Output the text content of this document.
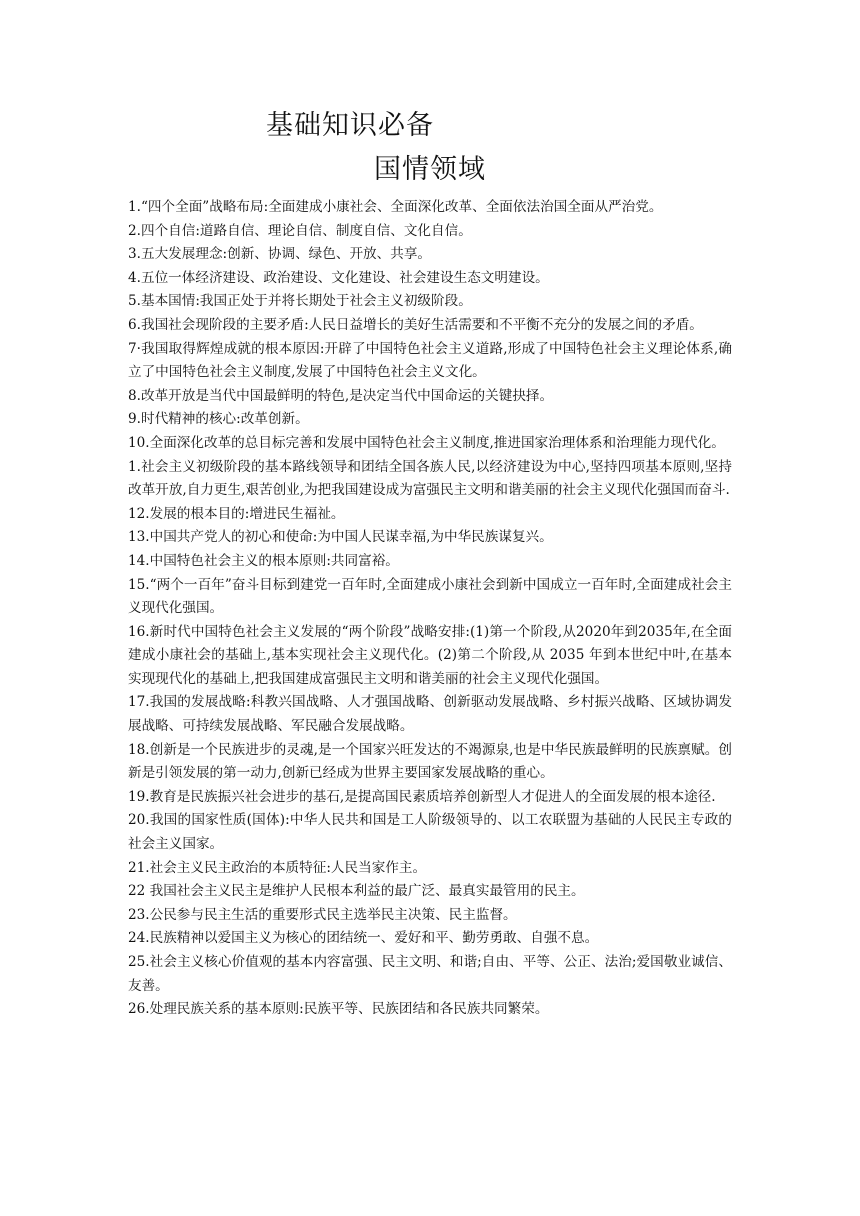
基础知识必备
国情领域

1.“四个全面”战略布局:全面建成小康社会、全面深化改革、全面依法治国全面从严治党。

2.四个自信:道路自信、理论自信、制度自信、文化自信。

3.五大发展理念:创新、协调、绿色、开放、共享。

4.五位一体经济建设、政治建设、文化建设、社会建设生态文明建设。

5.基本国情:我国正处于并将长期处于社会主义初级阶段。

6.我国社会现阶段的主要矛盾:人民日益增长的美好生活需要和不平衡不充分的发展之间的矛盾。

7·我国取得辉煌成就的根本原因:开辟了中国特色社会主义道路,形成了中国特色社会主义理论体系,确立了中国特色社会主义制度,发展了中国特色社会主义文化。

8.改革开放是当代中国最鲜明的特色,是决定当代中国命运的关键抉择。

9.时代精神的核心:改革创新。

10.全面深化改革的总目标完善和发展中国特色社会主义制度,推进国家治理体系和治理能力现代化。

1.社会主义初级阶段的基本路线领导和团结全国各族人民,以经济建设为中心,坚持四项基本原则,坚持改革开放,自力更生,艰苦创业,为把我国建设成为富强民主文明和谐美丽的社会主义现代化强国而奋斗.

12.发展的根本目的:增进民生福祉。

13.中国共产党人的初心和使命:为中国人民谋幸福,为中华民族谋复兴。

14.中国特色社会主义的根本原则:共同富裕。

15.“两个一百年”奋斗目标到建党一百年时,全面建成小康社会到新中国成立一百年时,全面建成社会主义现代化强国。

16.新时代中国特色社会主义发展的“两个阶段”战略安排:(1)第一个阶段,从2020年到2035年,在全面建成小康社会的基础上,基本实现社会主义现代化。(2)第二个阶段,从 2035 年到本世纪中叶,在基本实现现代化的基础上,把我国建成富强民主文明和谐美丽的社会主义现代化强国。

17.我国的发展战略:科教兴国战略、人才强国战略、创新驱动发展战略、乡村振兴战略、区域协调发展战略、可持续发展战略、军民融合发展战略。

18.创新是一个民族进步的灵魂,是一个国家兴旺发达的不竭源泉,也是中华民族最鲜明的民族禀赋。创新是引领发展的第一动力,创新已经成为世界主要国家发展战略的重心。

19.教育是民族振兴社会进步的基石,是提高国民素质培养创新型人才促进人的全面发展的根本途径.

20.我国的国家性质(国体):中华人民共和国是工人阶级领导的、以工农联盟为基础的人民民主专政的社会主义国家。

21.社会主义民主政治的本质特征:人民当家作主。

22 我国社会主义民主是维护人民根本利益的最广泛、最真实最管用的民主。

23.公民参与民主生活的重要形式民主选举民主决策、民主监督。

24.民族精神以爱国主义为核心的团结统一、爱好和平、勤劳勇敢、自强不息。

25.社会主义核心价值观的基本内容富强、民主文明、和谐;自由、平等、公正、法治;爱国敬业诚信、友善。

26.处理民族关系的基本原则:民族平等、民族团结和各民族共同繁荣。
